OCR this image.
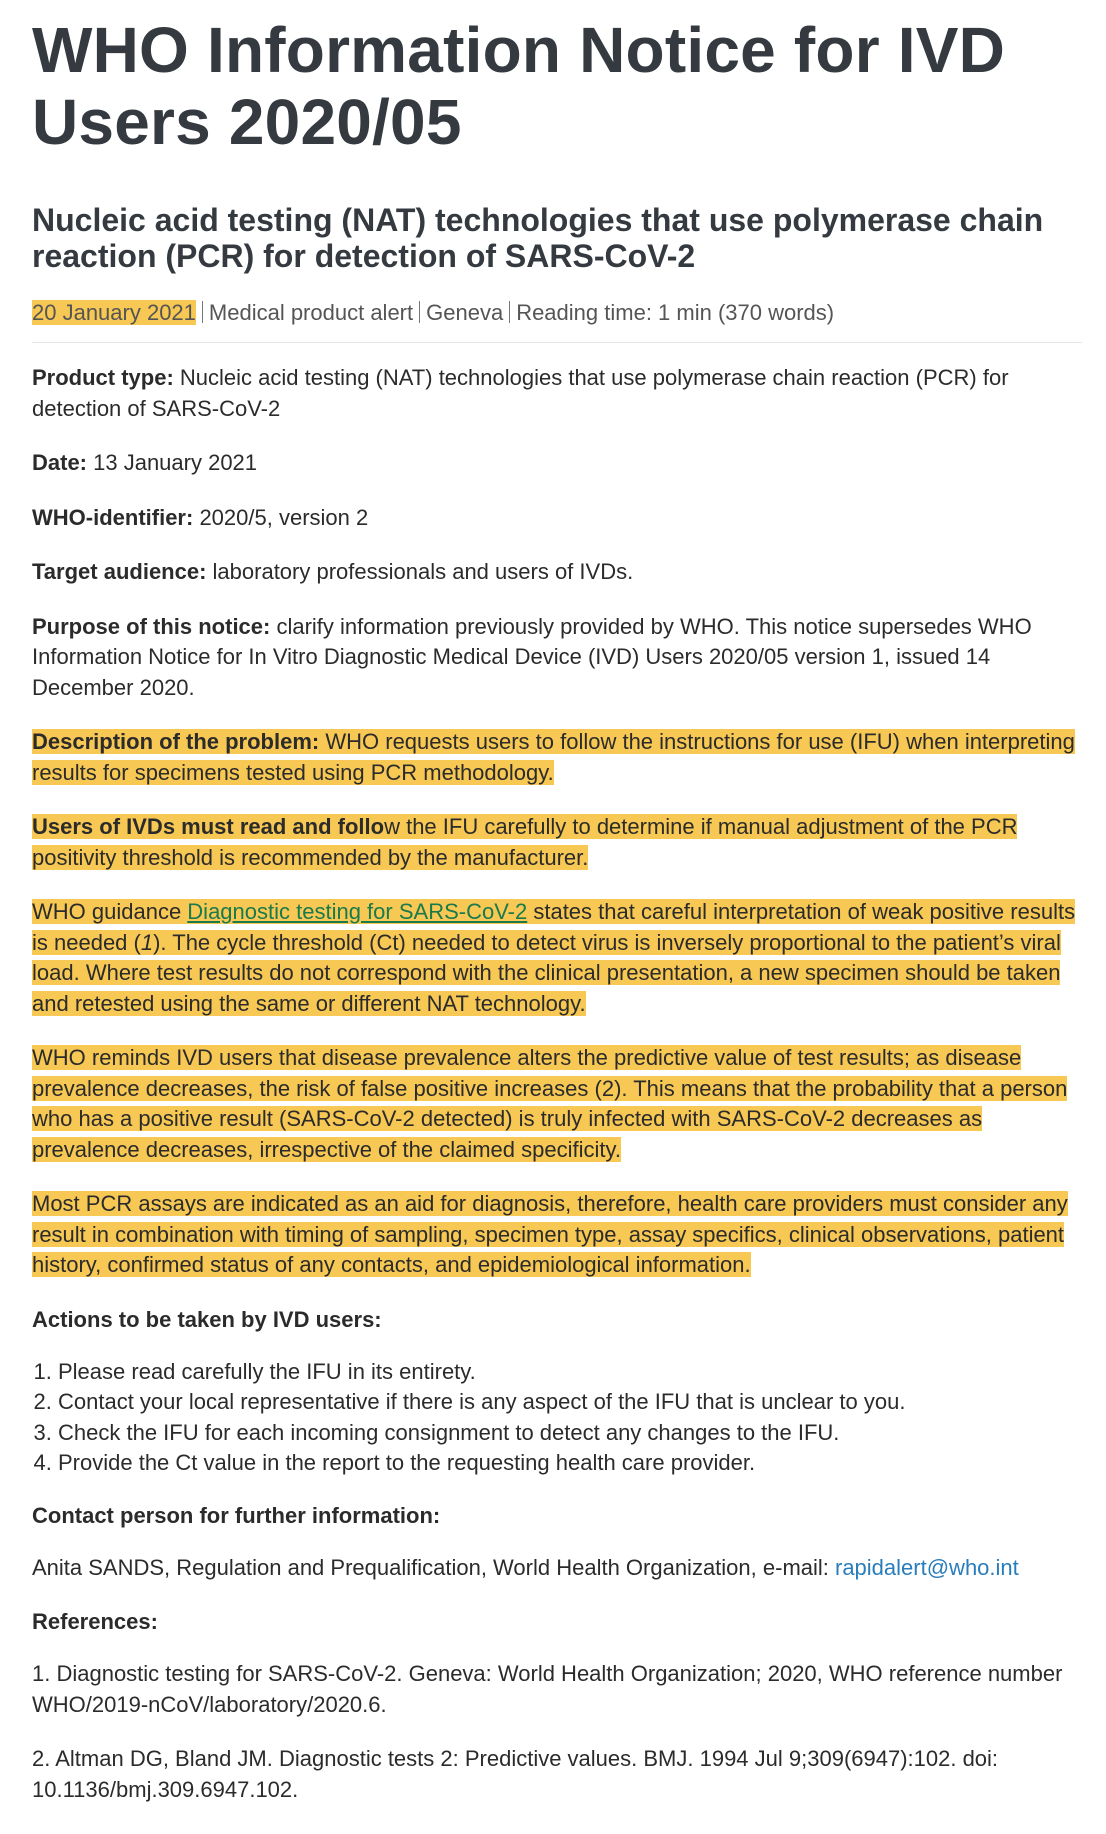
WHO Information Notice for IVD Users 2020/05
Nucleic acid testing (NAT) technologies that use polymerase chain reaction (PCR) for detection of SARS-CoV-2
20 January 2021 Medical product alert Geneva Reading time: 1 min (370 words)

Product type: Nucleic acid testing (NAT) technologies that use polymerase chain reaction (PCR) for detection of SARS-CoV-2

Date: 13 January 2021

WHO-identifier: 2020/5, version 2

Target audience: laboratory professionals and users of IVDs.

Purpose of this notice: clarify information previously provided by WHO. This notice supersedes WHO Information Notice for In Vitro Diagnostic Medical Device (IVD) Users 2020/05 version 1, issued 14 December 2020.

Description of the problem: WHO requests users to follow the instructions for use (IFU) when interpreting results for specimens tested using PCR methodology.

Users of IVDs must read and follow the IFU carefully to determine if manual adjustment of the PCR positivity threshold is recommended by the manufacturer.

WHO guidance Diagnostic testing for SARS-CoV-2 states that careful interpretation of weak positive results is needed (1). The cycle threshold (Ct) needed to detect virus is inversely proportional to the patient’s viral load. Where test results do not correspond with the clinical presentation, a new specimen should be taken and retested using the same or different NAT technology.

WHO reminds IVD users that disease prevalence alters the predictive value of test results; as disease prevalence decreases, the risk of false positive increases (2). This means that the probability that a person who has a positive result (SARS-CoV-2 detected) is truly infected with SARS-CoV-2 decreases as prevalence decreases, irrespective of the claimed specificity.

Most PCR assays are indicated as an aid for diagnosis, therefore, health care providers must consider any result in combination with timing of sampling, specimen type, assay specifics, clinical observations, patient history, confirmed status of any contacts, and epidemiological information.

Actions to be taken by IVD users:
1. Please read carefully the IFU in its entirety.
2. Contact your local representative if there is any aspect of the IFU that is unclear to you.
3. Check the IFU for each incoming consignment to detect any changes to the IFU.
4. Provide the Ct value in the report to the requesting health care provider.
Contact person for further information:

Anita SANDS, Regulation and Prequalification, World Health Organization, e-mail: rapidalert@who.int

References:

1. Diagnostic testing for SARS-CoV-2. Geneva: World Health Organization; 2020, WHO reference number WHO/2019-nCoV/laboratory/2020.6.

2. Altman DG, Bland JM. Diagnostic tests 2: Predictive values. BMJ. 1994 Jul 9;309(6947):102. doi: 10.1136/bmj.309.6947.102.
